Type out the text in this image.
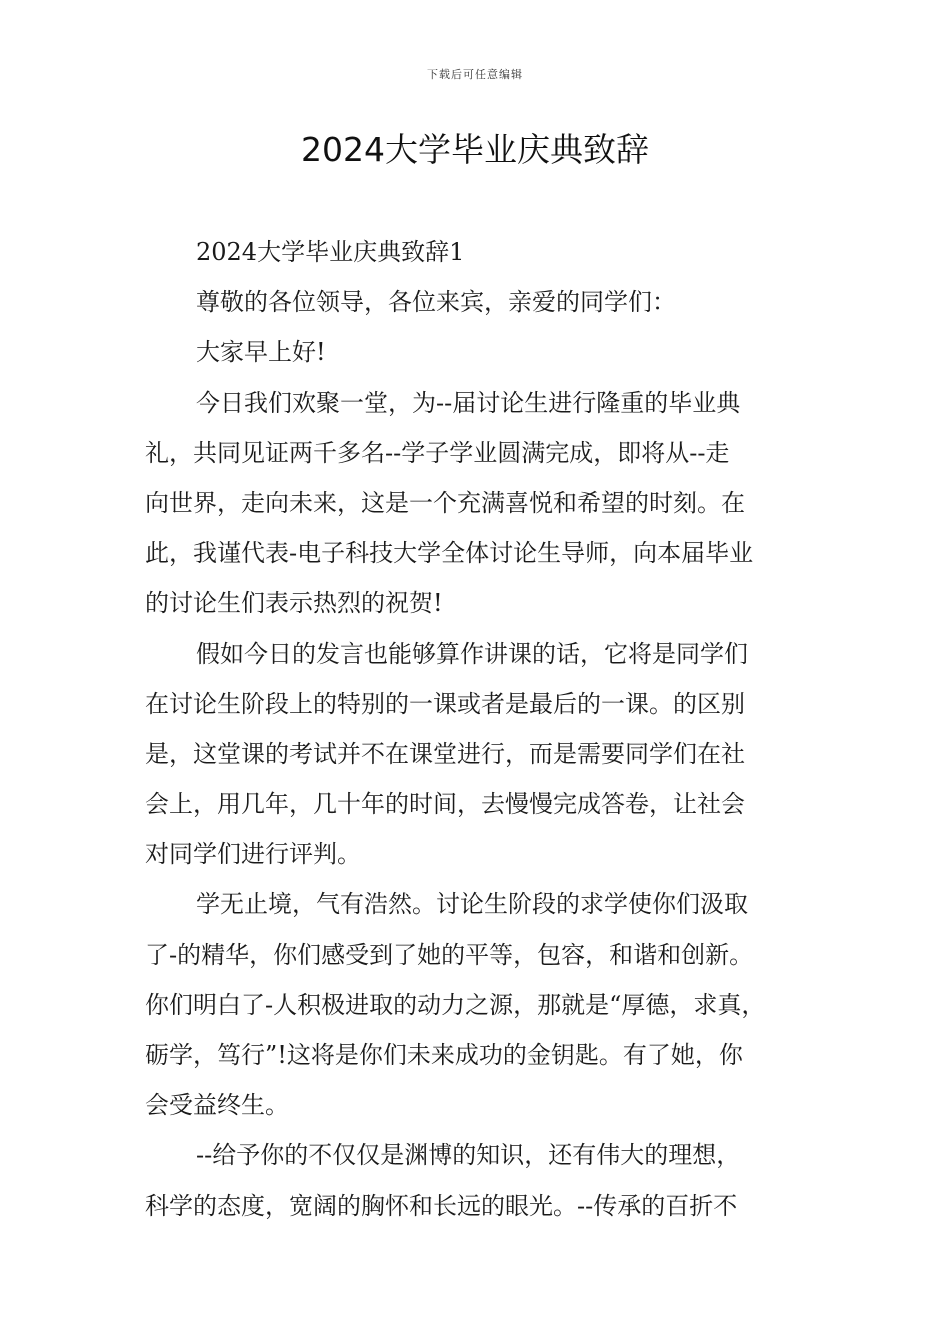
下载后可任意编辑
2024大学毕业庆典致辞
2024大学毕业庆典致辞1
尊敬的各位领导，各位来宾，亲爱的同学们：
大家早上好!
今日我们欢聚一堂，为--届讨论生进行隆重的毕业典
礼，共同见证两千多名--学子学业圆满完成，即将从--走
向世界，走向未来，这是一个充满喜悦和希望的时刻。在
此，我谨代表-电子科技大学全体讨论生导师，向本届毕业
的讨论生们表示热烈的祝贺!
假如今日的发言也能够算作讲课的话，它将是同学们
在讨论生阶段上的特别的一课或者是最后的一课。的区别
是，这堂课的考试并不在课堂进行，而是需要同学们在社
会上，用几年，几十年的时间，去慢慢完成答卷，让社会
对同学们进行评判。
学无止境，气有浩然。讨论生阶段的求学使你们汲取
了-的精华，你们感受到了她的平等，包容，和谐和创新。
你们明白了-人积极进取的动力之源，那就是“厚德，求真，
砺学，笃行”!这将是你们未来成功的金钥匙。有了她，你
会受益终生。
--给予你的不仅仅是渊博的知识，还有伟大的理想，
科学的态度，宽阔的胸怀和长远的眼光。--传承的百折不
